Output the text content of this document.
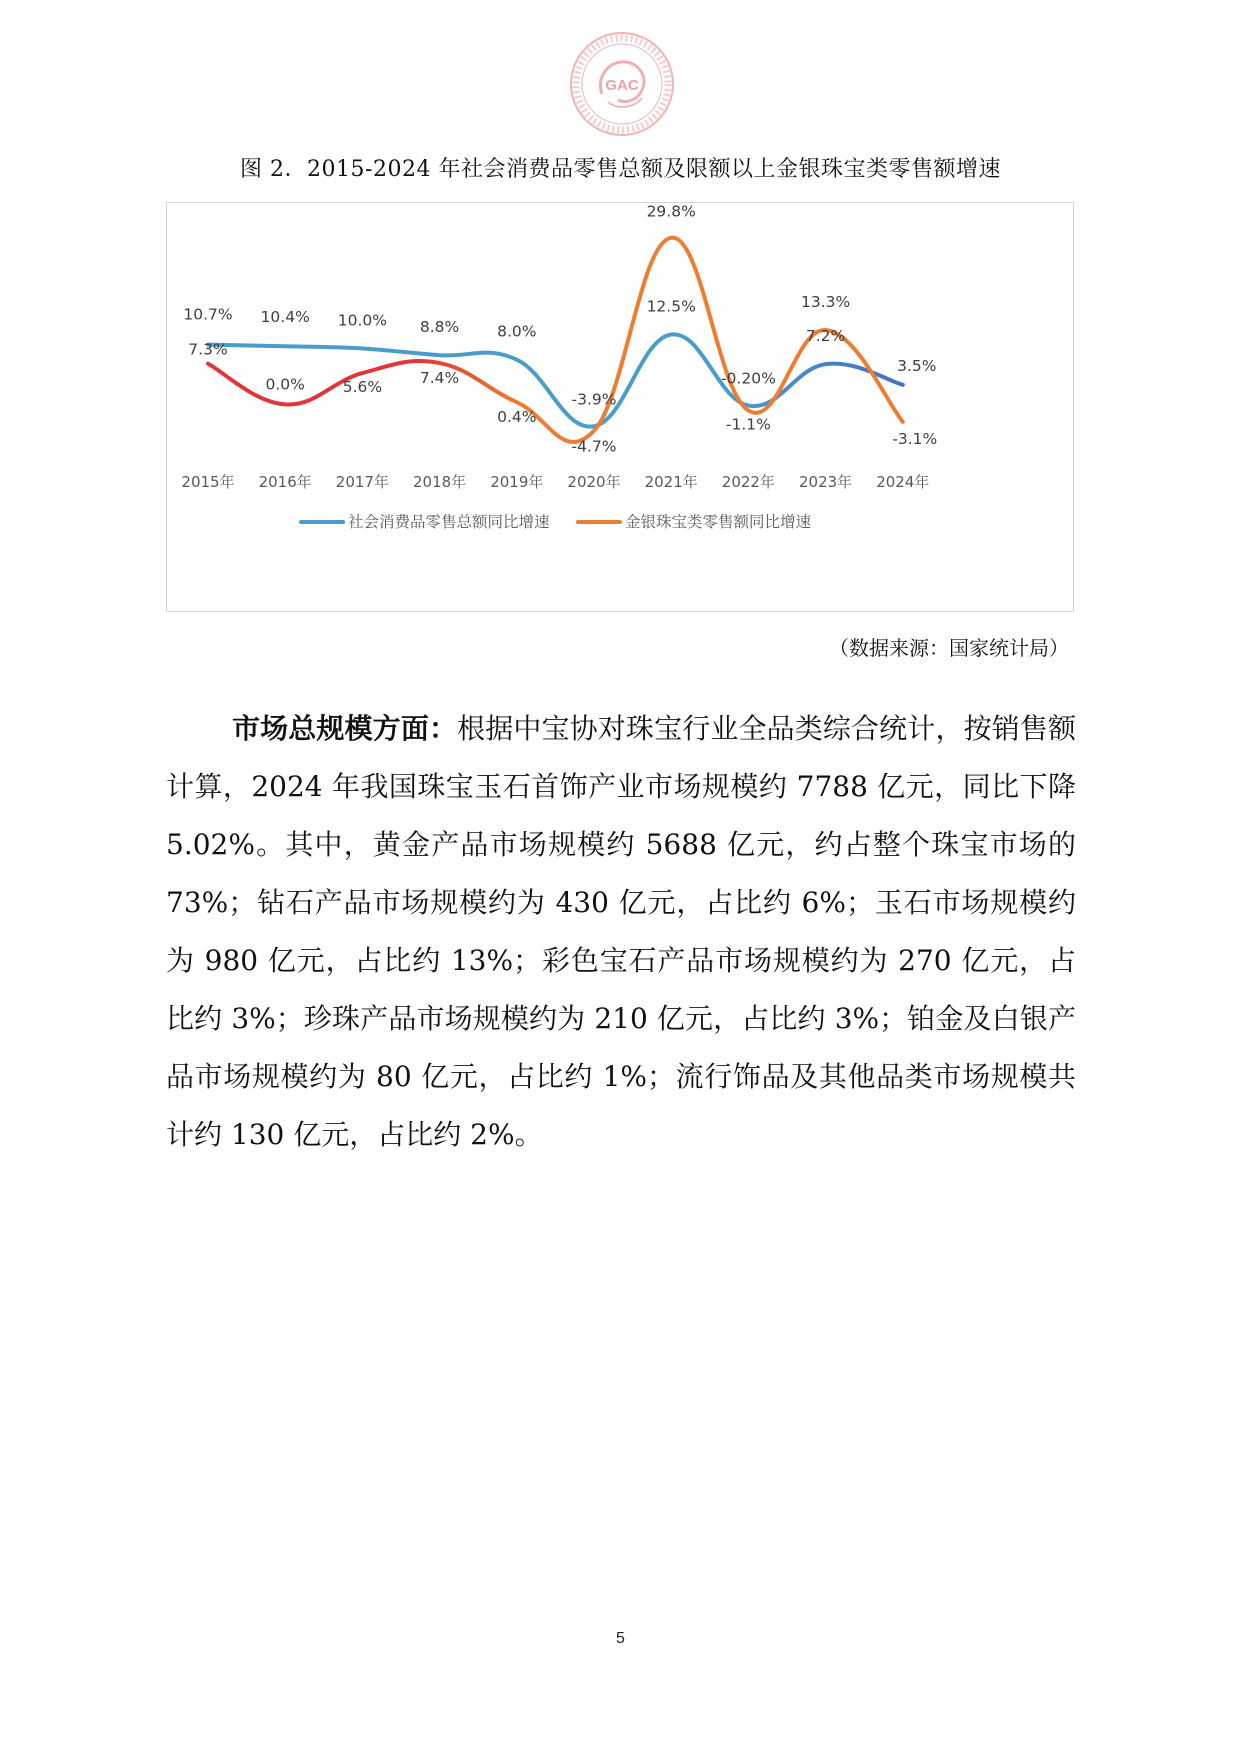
GAC
图 2．2015-2024 年社会消费品零售总额及限额以上金银珠宝类零售额增速
10.7% 10.4% 10.0% 8.8% 8.0%
-3.9%
12.5%
-0.20%
7.2%
3.5%
7.3%
0.0% 5.6%
7.4%
0.4%
-4.7%
29.8%
-1.1%
13.3%
-3.1%
2015年 2016年 2017年 2018年 2019年 2020年 2021年 2022年 2023年 2024年
社会消费品零售总额同比增速	金银珠宝类零售额同比增速
（数据来源：国家统计局）
市场总规模方面：根据中宝协对珠宝行业全品类综合统计，按销售额计算，2024 年我国珠宝玉石首饰产业市场规模约 7788 亿元，同比下降 5.02%。其中，黄金产品市场规模约 5688 亿元，约占整个珠宝市场的 73%；钻石产品市场规模约为 430 亿元，占比约 6%；玉石市场规模约为 980 亿元，占比约 13%；彩色宝石产品市场规模约为 270 亿元，占比约 3%；珍珠产品市场规模约为 210 亿元，占比约 3%；铂金及白银产品市场规模约为 80 亿元，占比约 1%；流行饰品及其他品类市场规模共计约 130 亿元，占比约 2%。
5
